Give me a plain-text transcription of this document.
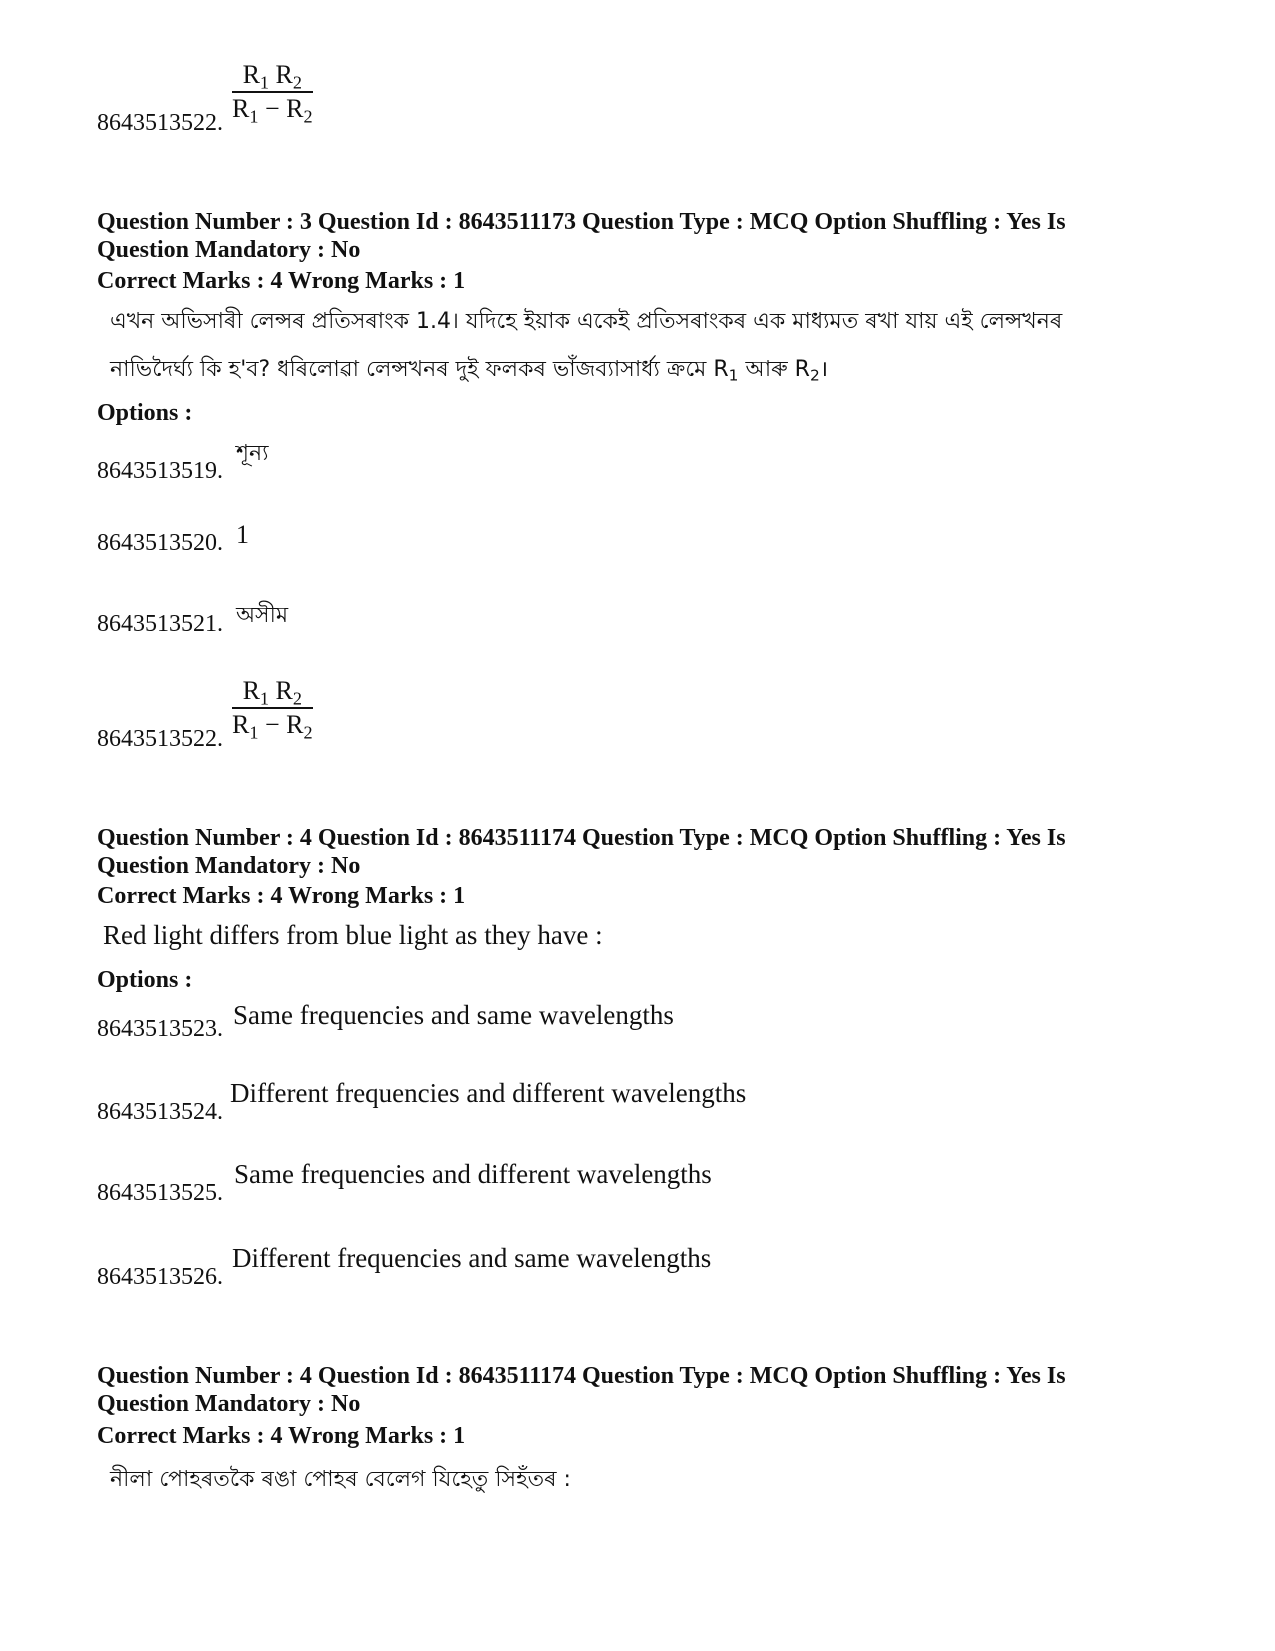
$\frac{R_1 R_2}{R_1 - R_2}$
8643513522.
Question Number : 3 Question Id : 8643511173 Question Type : MCQ Option Shuffling : Yes Is
Question Mandatory : No
Correct Marks : 4 Wrong Marks : 1
এখন অভিসাৰী লেন্সৰ প্ৰতিসৰাংক 1.4। যদিহে ইয়াক একেই প্ৰতিসৰাংকৰ এক মাধ্যমত ৰখা যায় এই লেন্সখনৰ
নাভিদৈৰ্ঘ্য কি হ'ব? ধৰিলোৱা লেন্সখনৰ দুই ফলকৰ ভাঁজব্যাসাৰ্ধ্য ক্ৰমে $R_1$ আৰু $R_2।$
Options :
শূন্য
8643513519.
1
8643513520.
অসীম
8643513521.
$\frac{R_1 R_2}{R_1 - R_2}$
8643513522.
Question Number : 4 Question Id : 8643511174 Question Type : MCQ Option Shuffling : Yes Is
Question Mandatory : No
Correct Marks : 4 Wrong Marks : 1
Red light differs from blue light as they have :
Options :
Same frequencies and same wavelengths
8643513523.
Different frequencies and different wavelengths
8643513524.
Same frequencies and different wavelengths
8643513525.
Different frequencies and same wavelengths
8643513526.
Question Number : 4 Question Id : 8643511174 Question Type : MCQ Option Shuffling : Yes Is
Question Mandatory : No
Correct Marks : 4 Wrong Marks : 1
নীলা পোহৰতকৈ ৰঙা পোহৰ বেলেগ যিহেতু সিহঁতৰ :
